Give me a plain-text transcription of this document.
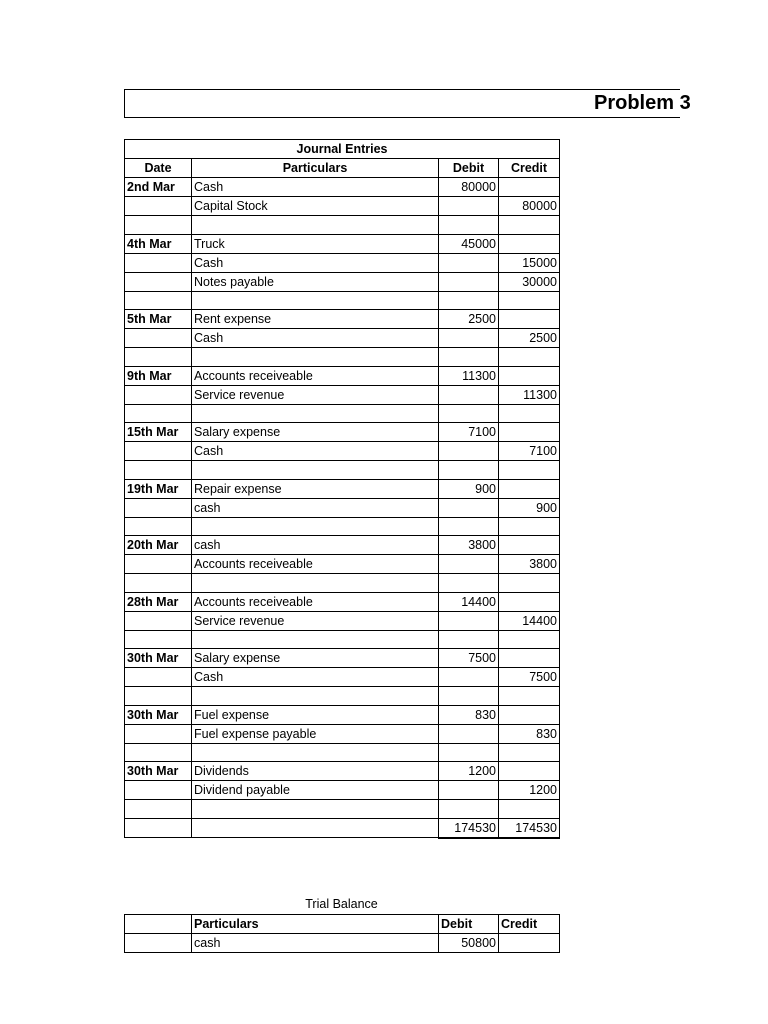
Problem 3
Journal Entries			
Date	Particulars	Debit	Credit
2nd Mar	Cash	80000	
	Capital Stock		80000

4th Mar	Truck	45000	
	Cash		15000
	Notes payable		30000

5th Mar	Rent expense	2500	
	Cash		2500

9th Mar	Accounts receiveable	11300	
	Service revenue		11300

15th Mar	Salary expense	7100	
	Cash		7100

19th Mar	Repair expense	900	
	cash		900

20th Mar	cash	3800	
	Accounts receiveable		3800

28th Mar	Accounts receiveable	14400	
	Service revenue		14400

30th Mar	Salary expense	7500	
	Cash		7500

30th Mar	Fuel expense	830	
	Fuel expense payable		830

30th Mar	Dividends	1200	
	Dividend payable		1200

		174530	174530
Trial Balance
	Particulars	Debit	Credit
	cash	50800	
